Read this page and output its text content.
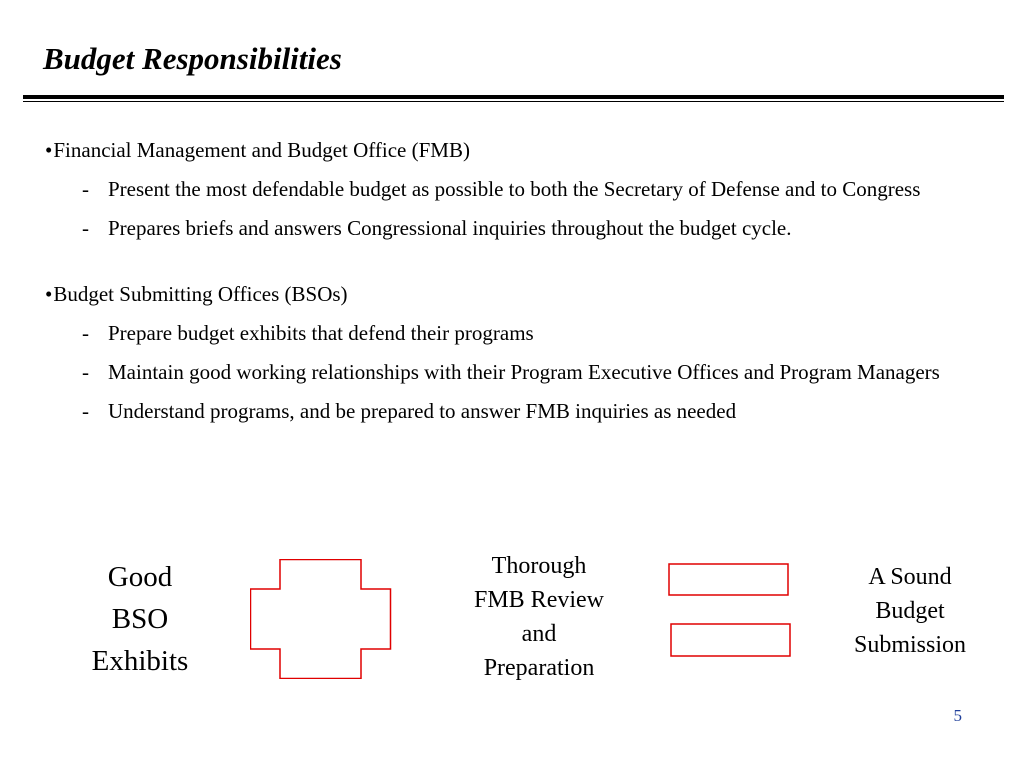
Budget Responsibilities

•Financial Management and Budget Office (FMB)

- Present the most defendable budget as possible to both the Secretary of Defense and to Congress
- Prepares briefs and answers Congressional inquiries throughout the budget cycle.

•Budget Submitting Offices (BSOs)

- Prepare budget exhibits that defend their programs
- Maintain good working relationships with their Program Executive Offices and Program Managers
- Understand programs, and be prepared to answer FMB inquiries as needed
Good
BSO
Exhibits
Thorough
FMB Review
and
Preparation
A Sound
Budget
Submission
5
